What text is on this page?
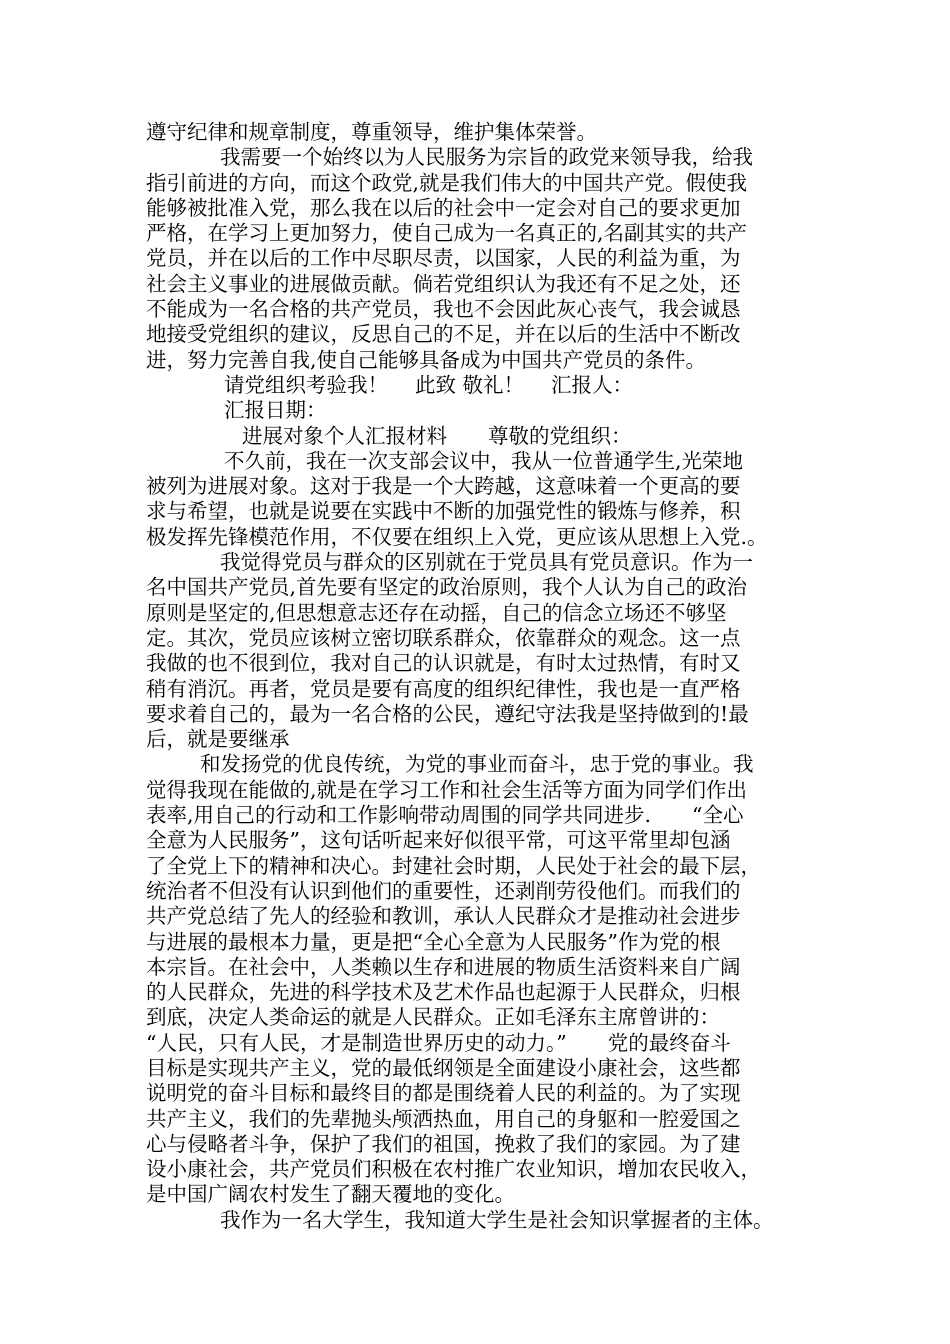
遵守纪律和规章制度，尊重领导，维护集体荣誉。
我需要一个始终以为人民服务为宗旨的政党来领导我，给我
指引前进的方向，而这个政党,就是我们伟大的中国共产党。假使我
能够被批准入党，那么我在以后的社会中一定会对自己的要求更加
严格，在学习上更加努力，使自己成为一名真正的,名副其实的共产
党员，并在以后的工作中尽职尽责，以国家，人民的利益为重，为
社会主义事业的进展做贡献。倘若党组织认为我还有不足之处，还
不能成为一名合格的共产党员，我也不会因此灰心丧气，我会诚恳
地接受党组织的建议，反思自己的不足，并在以后的生活中不断改
进，努力完善自我,使自己能够具备成为中国共产党员的条件。
请党组织考验我！　 此致 敬礼！　 汇报人：
汇报日期：
进展对象个人汇报材料　　尊敬的党组织：
不久前，我在一次支部会议中，我从一位普通学生,光荣地
被列为进展对象。这对于我是一个大跨越，这意味着一个更高的要
求与希望，也就是说要在实践中不断的加强党性的锻炼与修养，积
极发挥先锋模范作用，不仅要在组织上入党，更应该从思想上入党.。
我觉得党员与群众的区别就在于党员具有党员意识。作为一
名中国共产党员,首先要有坚定的政治原则，我个人认为自己的政治
原则是坚定的,但思想意志还存在动摇，自己的信念立场还不够坚
定。其次，党员应该树立密切联系群众，依靠群众的观念。这一点
我做的也不很到位，我对自己的认识就是，有时太过热情，有时又
稍有消沉。再者，党员是要有高度的组织纪律性，我也是一直严格
要求着自己的，最为一名合格的公民，遵纪守法我是坚持做到的!最
后，就是要继承
和发扬党的优良传统，为党的事业而奋斗，忠于党的事业。我
觉得我现在能做的,就是在学习工作和社会生活等方面为同学们作出
表率,用自己的行动和工作影响带动周围的同学共同进步.　　“全心
全意为人民服务”，这句话听起来好似很平常，可这平常里却包涵
了全党上下的精神和决心。封建社会时期，人民处于社会的最下层，
统治者不但没有认识到他们的重要性，还剥削劳役他们。而我们的
共产党总结了先人的经验和教训，承认人民群众才是推动社会进步
与进展的最根本力量，更是把“全心全意为人民服务”作为党的根
本宗旨。在社会中，人类赖以生存和进展的物质生活资料来自广阔
的人民群众，先进的科学技术及艺术作品也起源于人民群众，归根
到底，决定人类命运的就是人民群众。正如毛泽东主席曾讲的：
“人民，只有人民，才是制造世界历史的动力。”　　党的最终奋斗
目标是实现共产主义，党的最低纲领是全面建设小康社会，这些都
说明党的奋斗目标和最终目的都是围绕着人民的利益的。为了实现
共产主义，我们的先辈抛头颅洒热血，用自己的身躯和一腔爱国之
心与侵略者斗争，保护了我们的祖国，挽救了我们的家园。为了建
设小康社会，共产党员们积极在农村推广农业知识，增加农民收入，
是中国广阔农村发生了翻天覆地的变化。
我作为一名大学生，我知道大学生是社会知识掌握者的主体。
